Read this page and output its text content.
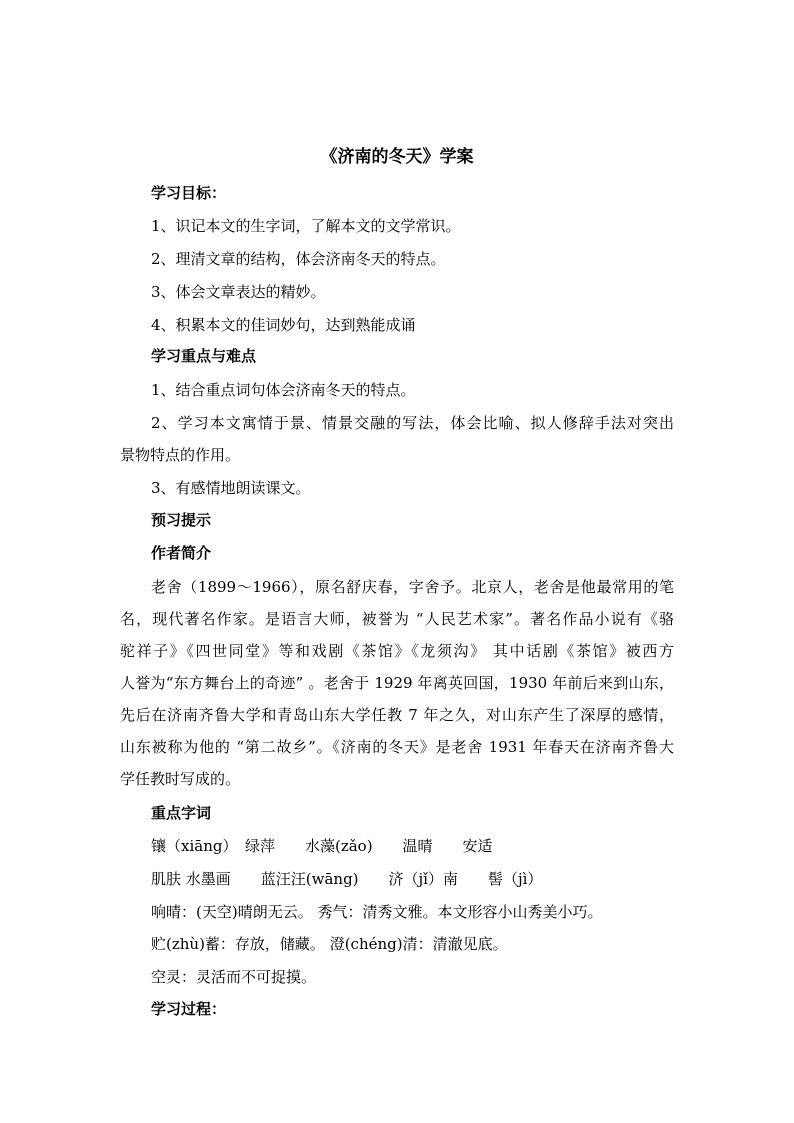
《济南的冬天》学案
学习目标：
1、识记本文的生字词，了解本文的文学常识。
2、理清文章的结构，体会济南冬天的特点。
3、体会文章表达的精妙。
4、积累本文的佳词妙句，达到熟能成诵
学习重点与难点
1、结合重点词句体会济南冬天的特点。
2、学习本文寓情于景、情景交融的写法，体会比喻、拟人修辞手法对突出
景物特点的作用。
3、有感情地朗读课文。
预习提示
作者简介
老舍（1899～1966），原名舒庆春，字舍予。北京人，老舍是他最常用的笔
名，现代著名作家。是语言大师，被誉为 “人民艺术家”。著名作品小说有《骆
驼祥子》《四世同堂》等和戏剧《茶馆》《龙须沟》 其中话剧《茶馆》被西方
人誉为“东方舞台上的奇迹” 。老舍于 1929 年离英回国，1930 年前后来到山东，
先后在济南齐鲁大学和青岛山东大学任教 7 年之久，对山东产生了深厚的感情，
山东被称为他的 “第二故乡”。《济南的冬天》是老舍 1931 年春天在济南齐鲁大
学任教时写成的。
重点字词
镶（xiāng）　绿萍　　水藻(zǎo)　　温晴　　安适
肌肤 水墨画　　蓝汪汪(wāng)　　济（jǐ）南　　髻（jì）
响晴：(天空)晴朗无云。 秀气：清秀文雅。本文形容小山秀美小巧。
贮(zhù)蓄：存放，储藏。 澄(chéng)清：清澈见底。
空灵：灵活而不可捉摸。
学习过程：
